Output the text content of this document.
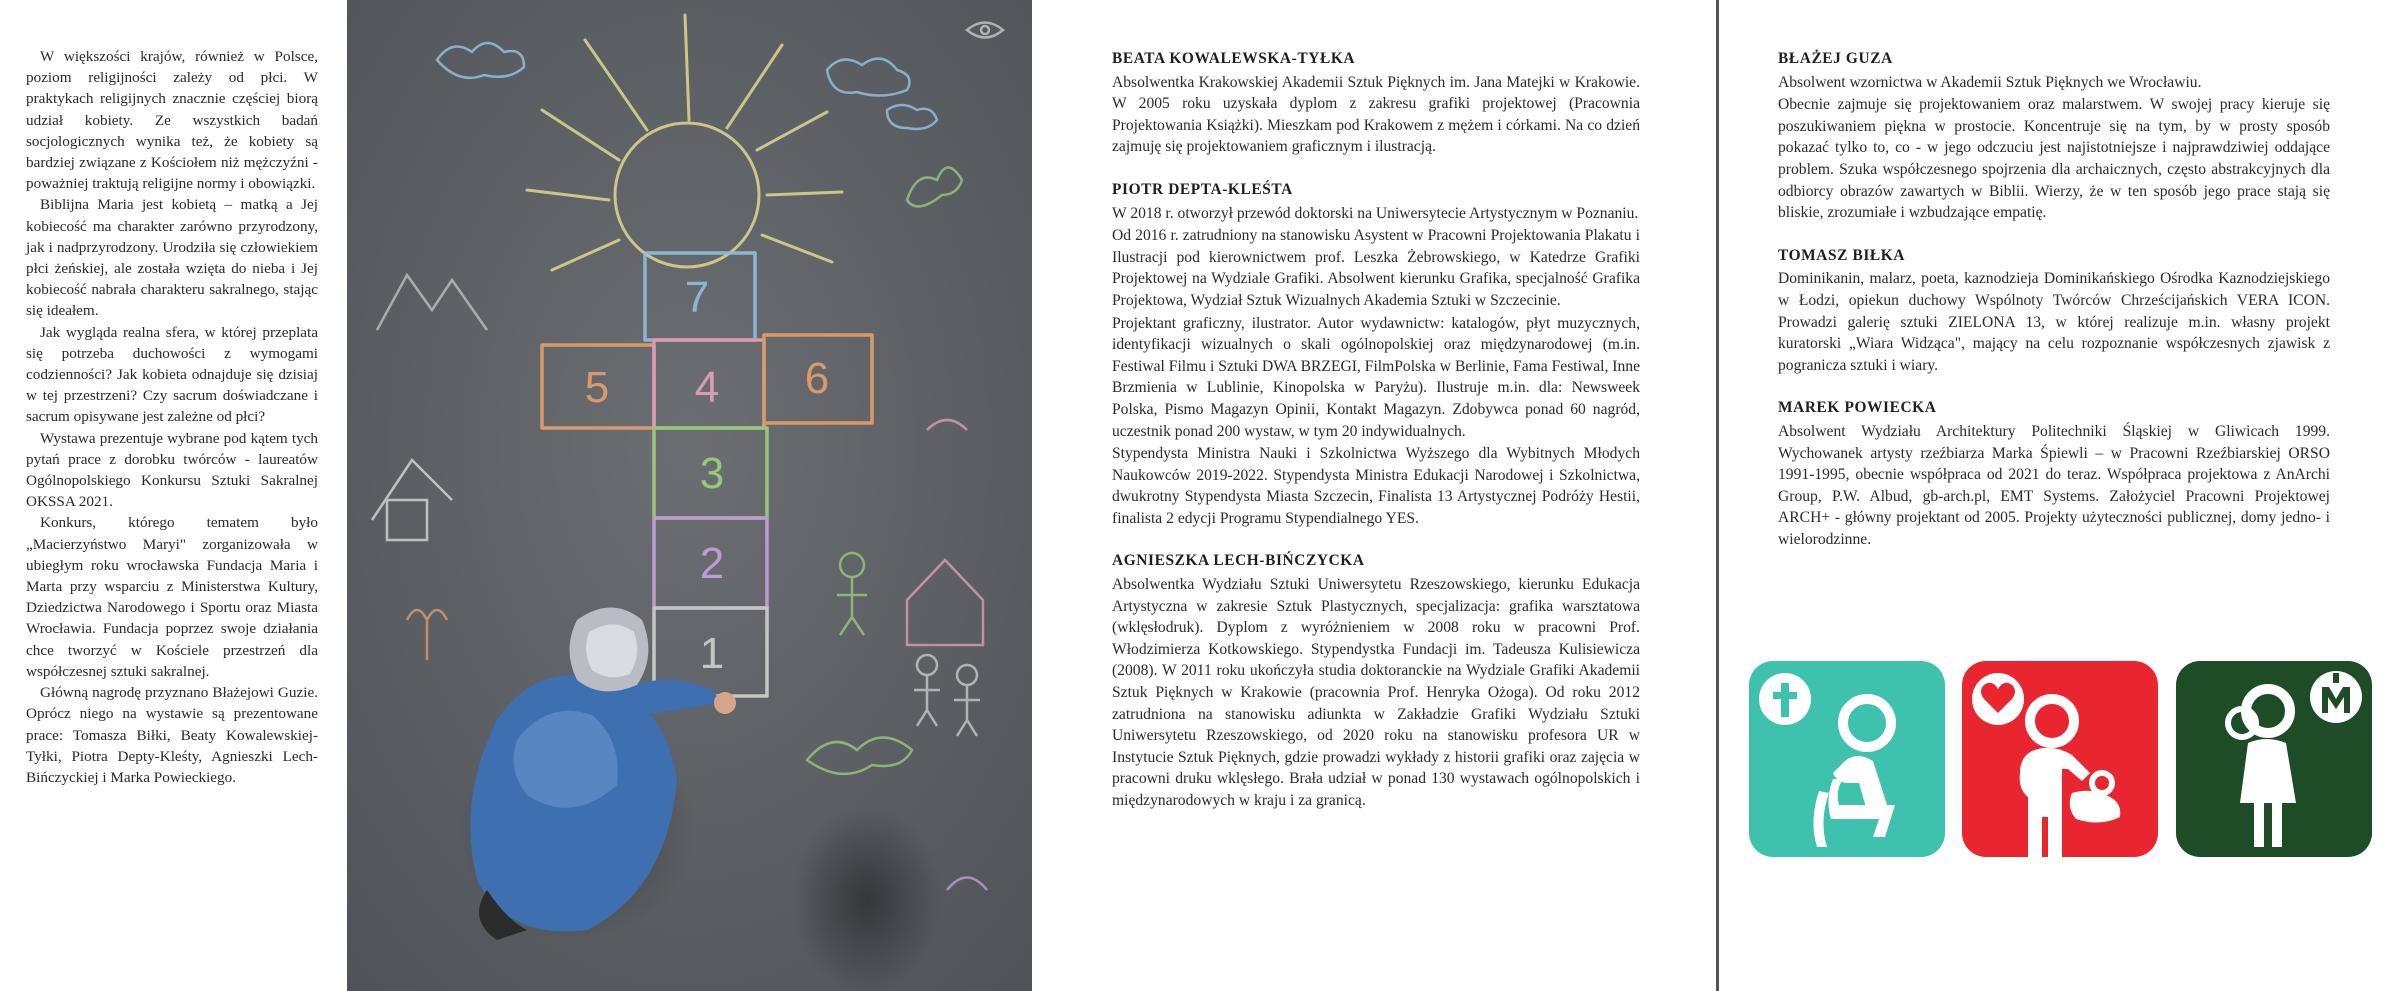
W większości krajów, również w Polsce, poziom religijności zależy od płci. W praktykach religijnych znacznie częściej biorą udział kobiety. Ze wszystkich badań socjologicznych wynika też, że kobiety są bardziej związane z Kościołem niż mężczyźni - poważniej traktują religijne normy i obowiązki.

Biblijna Maria jest kobietą – matką a Jej kobiecość ma charakter zarówno przyrodzony, jak i nadprzyrodzony. Urodziła się człowiekiem płci żeńskiej, ale została wzięta do nieba i Jej kobiecość nabrała charakteru sakralnego, stając się ideałem.

Jak wygląda realna sfera, w której przeplata się potrzeba duchowości z wymogami codzienności? Jak kobieta odnajduje się dzisiaj w tej przestrzeni? Czy sacrum doświadczane i sacrum opisywane jest zależne od płci?

Wystawa prezentuje wybrane pod kątem tych pytań prace z dorobku twórców - laureatów Ogólnopolskiego Konkursu Sztuki Sakralnej OKSSA 2021.

Konkurs, którego tematem było „Macierzyństwo Maryi" zorganizowała w ubiegłym roku wrocławska Fundacja Maria i Marta przy wsparciu z Ministerstwa Kultury, Dziedzictwa Narodowego i Sportu oraz Miasta Wrocławia. Fundacja poprzez swoje działania chce tworzyć w Kościele przestrzeń dla współczesnej sztuki sakralnej.

Główną nagrodę przyznano Błażejowi Guzie. Oprócz niego na wystawie są prezentowane prace: Tomasza Biłki, Beaty Kowalewskiej-Tyłki, Piotra Depty-Kleśty, Agnieszki Lech-Bińczyckiej i Marka Powieckiego.

7
5 4 6
3
2
1
BEATA KOWALEWSKA-TYŁKA

Absolwentka Krakowskiej Akademii Sztuk Pięknych im. Jana Matejki w Krakowie. W 2005 roku uzyskała dyplom z zakresu grafiki projektowej (Pracownia Projektowania Książki). Mieszkam pod Krakowem z mężem i córkami. Na co dzień zajmuję się projektowaniem graficznym i ilustracją.

PIOTR DEPTA-KLEŚTA

W 2018 r. otworzył przewód doktorski na Uniwersytecie Artystycznym w Poznaniu.

Od 2016 r. zatrudniony na stanowisku Asystent w Pracowni Projektowania Plakatu i Ilustracji pod kierownictwem prof. Leszka Żebrowskiego, w Katedrze Grafiki Projektowej na Wydziale Grafiki. Absolwent kierunku Grafika, specjalność Grafika Projektowa, Wydział Sztuk Wizualnych Akademia Sztuki w Szczecinie.

Projektant graficzny, ilustrator. Autor wydawnictw: katalogów, płyt muzycznych, identyfikacji wizualnych o skali ogólnopolskiej oraz międzynarodowej (m.in. Festiwal Filmu i Sztuki DWA BRZEGI, FilmPolska w Berlinie, Fama Festiwal, Inne Brzmienia w Lublinie, Kinopolska w Paryżu). Ilustruje m.in. dla: Newsweek Polska, Pismo Magazyn Opinii, Kontakt Magazyn. Zdobywca ponad 60 nagród, uczestnik ponad 200 wystaw, w tym 20 indywidualnych.

Stypendysta Ministra Nauki i Szkolnictwa Wyższego dla Wybitnych Młodych Naukowców 2019-2022. Stypendysta Ministra Edukacji Narodowej i Szkolnictwa, dwukrotny Stypendysta Miasta Szczecin, Finalista 13 Artystycznej Podróży Hestii, finalista 2 edycji Programu Stypendialnego YES.

AGNIESZKA LECH-BIŃCZYCKA

Absolwentka Wydziału Sztuki Uniwersytetu Rzeszowskiego, kierunku Edukacja Artystyczna w zakresie Sztuk Plastycznych, specjalizacja: grafika warsztatowa (wklęsłodruk). Dyplom z wyróżnieniem w 2008 roku w pracowni Prof. Włodzimierza Kotkowskiego. Stypendystka Fundacji im. Tadeusza Kulisiewicza (2008). W 2011 roku ukończyła studia doktoranckie na Wydziale Grafiki Akademii Sztuk Pięknych w Krakowie (pracownia Prof. Henryka Ożoga). Od roku 2012 zatrudniona na stanowisku adiunkta w Zakładzie Grafiki Wydziału Sztuki Uniwersytetu Rzeszowskiego, od 2020 roku na stanowisku profesora UR w Instytucie Sztuk Pięknych, gdzie prowadzi wykłady z historii grafiki oraz zajęcia w pracowni druku wklęsłego. Brała udział w ponad 130 wystawach ogólnopolskich i międzynarodowych w kraju i za granicą.

BŁAŻEJ GUZA

Absolwent wzornictwa w Akademii Sztuk Pięknych we Wrocławiu.

Obecnie zajmuje się projektowaniem oraz malarstwem. W swojej pracy kieruje się poszukiwaniem piękna w prostocie. Koncentruje się na tym, by w prosty sposób pokazać tylko to, co - w jego odczuciu jest najistotniejsze i najprawdziwiej oddające problem. Szuka współczesnego spojrzenia dla archaicznych, często abstrakcyjnych dla odbiorcy obrazów zawartych w Biblii. Wierzy, że w ten sposób jego prace stają się bliskie, zrozumiałe i wzbudzające empatię.

TOMASZ BIŁKA

Dominikanin, malarz, poeta, kaznodzieja Dominikańskiego Ośrodka Kaznodziejskiego w Łodzi, opiekun duchowy Wspólnoty Twórców Chrześcijańskich VERA ICON. Prowadzi galerię sztuki ZIELONA 13, w której realizuje m.in. własny projekt kuratorski „Wiara Widząca", mający na celu rozpoznanie współczesnych zjawisk z pogranicza sztuki i wiary.

MAREK POWIECKA

Absolwent Wydziału Architektury Politechniki Śląskiej w Gliwicach 1999. Wychowanek artysty rzeźbiarza Marka Śpiewli – w Pracowni Rzeźbiarskiej ORSO 1991-1995, obecnie współpraca od 2021 do teraz. Współpraca projektowa z AnArchi Group, P.W. Albud, gb-arch.pl, EMT Systems. Założyciel Pracowni Projektowej ARCH+ - główny projektant od 2005. Projekty użyteczności publicznej, domy jedno- i wielorodzinne.
